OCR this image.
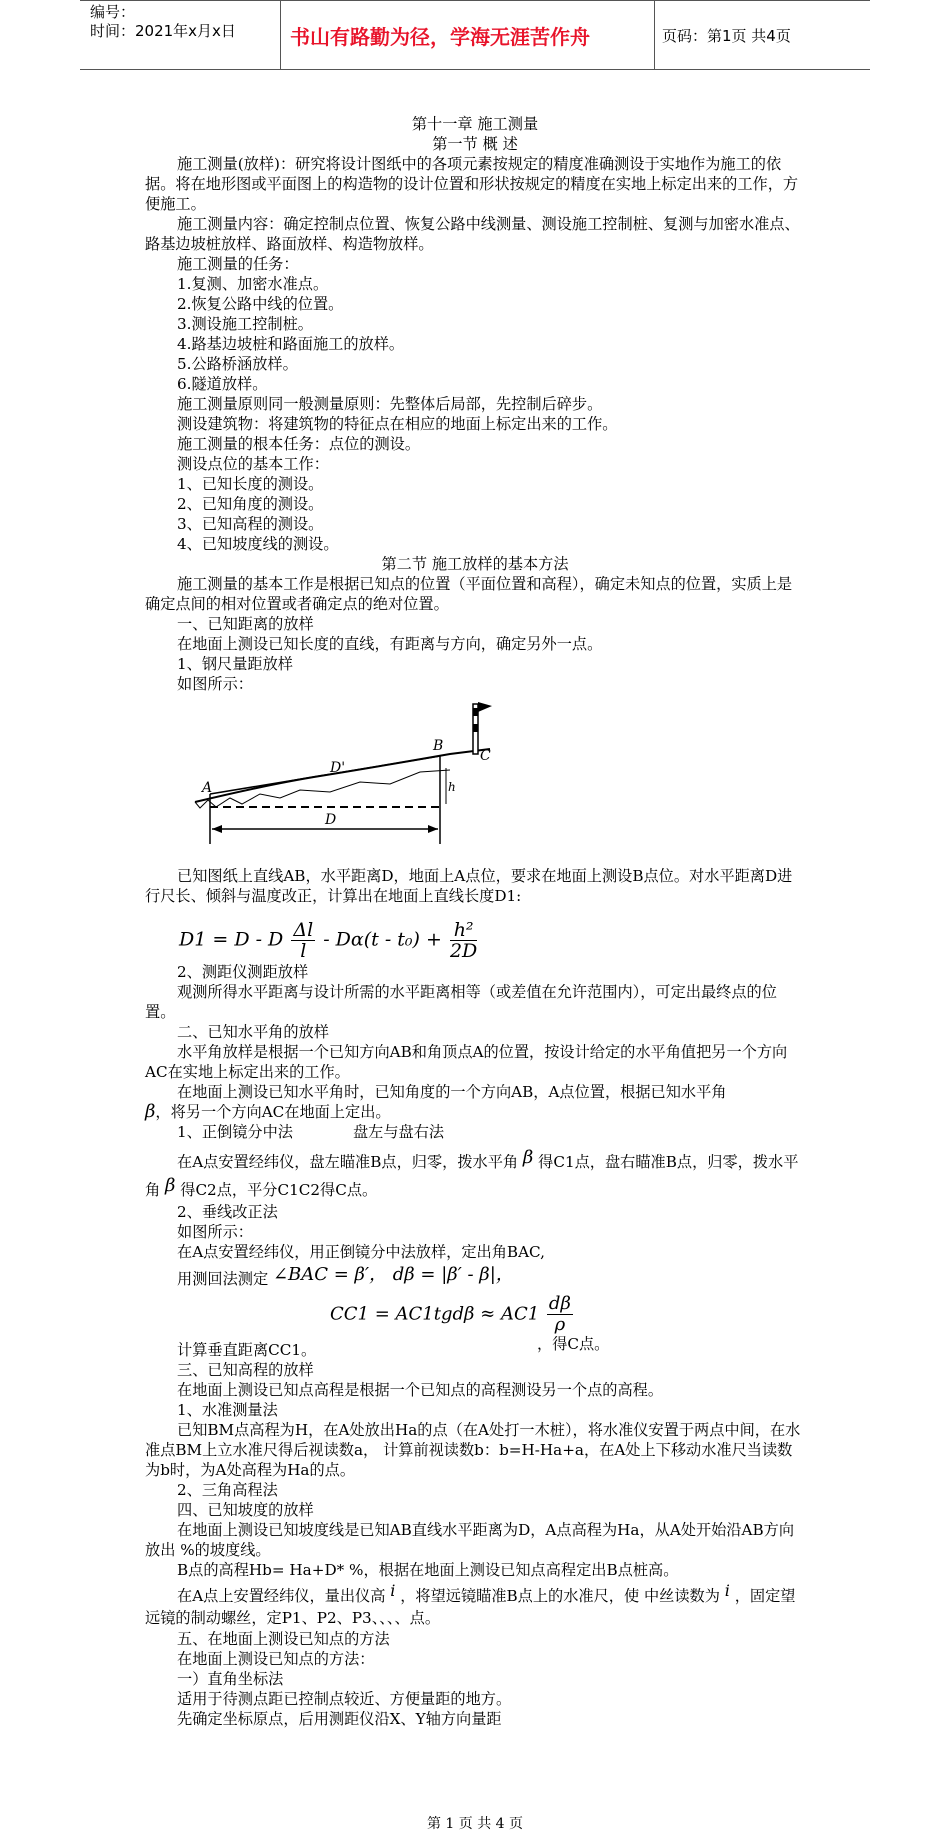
编号：
时间：2021年x月x日	书山有路勤为径，学海无涯苦作舟	页码：第1页 共4页

第十一章 施工测量

第一节 概 述

施工测量(放样)：研究将设计图纸中的各项元素按规定的精度准确测设于实地作为施工的依据。将在地形图或平面图上的构造物的设计位置和形状按规定的精度在实地上标定出来的工作，方便施工。

施工测量内容：确定控制点位置、恢复公路中线测量、测设施工控制桩、复测与加密水准点、路基边坡桩放样、路面放样、构造物放样。

施工测量的任务：

1.复测、加密水准点。

2.恢复公路中线的位置。

3.测设施工控制桩。

4.路基边坡桩和路面施工的放样。

5.公路桥涵放样。

6.隧道放样。

施工测量原则同一般测量原则：先整体后局部，先控制后碎步。

测设建筑物：将建筑物的特征点在相应的地面上标定出来的工作。

施工测量的根本任务：点位的测设。

测设点位的基本工作：

1、已知长度的测设。

2、已知角度的测设。

3、已知高程的测设。

4、已知坡度线的测设。

第二节 施工放样的基本方法

施工测量的基本工作是根据已知点的位置（平面位置和高程），确定未知点的位置，实质上是确定点间的相对位置或者确定点的绝对位置。

一、已知距离的放样

在地面上测设已知长度的直线，有距离与方向，确定另外一点。

1、钢尺量距放样

如图所示：

A
B
C
D'
D
h

已知图纸上直线AB，水平距离D，地面上A点位，要求在地面上测设B点位。对水平距离D进行尺长、倾斜与温度改正，计算出在地面上直线长度D1:

D1 = D - D $\frac{\Delta l}{l} - D\alpha(t - t_0) + \frac{\text{h²}}{2D}$

2、测距仪测距放样

观测所得水平距离与设计所需的水平距离相等（或差值在允许范围内），可定出最终点的位置。

二、已知水平角的放样

水平角放样是根据一个已知方向AB和角顶点A的位置，按设计给定的水平角值把另一个方向AC在实地上标定出来的工作。

在地面上测设已知水平角时，已知角度的一个方向AB，A点位置，根据已知水平角
β，将另一个方向AC在地面上定出。

1、正倒镜分中法	盘左与盘右法

在A点安置经纬仪，盘左瞄准B点，归零，拨水平角 β 得C1点，盘右瞄准B点，归零，拨水平角 β 得C2点，平分C1C2得C点。

2、垂线改正法

如图所示：

在A点安置经纬仪，用正倒镜分中法放样，定出角BAC,

用测回法测定 ∠BAC = β′， dβ = |β′ - β|，

$CC1 = AC1tgd\beta \approx AC1 \frac{d\beta}{\rho}$

计算垂直距离CC1。	，得C点。

三、已知高程的放样

在地面上测设已知点高程是根据一个已知点的高程测设另一个点的高程。

1、水准测量法

已知BM点高程为H，在A处放出Ha的点（在A处打一木桩），将水准仪安置于两点中间，在水准点BM上立水准尺得后视读数a， 计算前视读数b：b=H-Ha+a，在A处上下移动水准尺当读数为b时，为A处高程为Ha的点。

2、三角高程法

四、已知坡度的放样

在地面上测设已知坡度线是已知AB直线水平距离为D，A点高程为Ha，从A处开始沿AB方向放出 %的坡度线。

B点的高程Hb= Ha+D* %，根据在地面上测设已知点高程定出B点桩高。

在A点上安置经纬仪，量出仪高 i ，将望远镜瞄准B点上的水准尺，使 中丝读数为 i ，固定望远镜的制动螺丝，定P1、P2、P3、、、、点。

五、在地面上测设已知点的方法

在地面上测设已知点的方法：

一）直角坐标法

适用于待测点距已控制点较近、方便量距的地方。

先确定坐标原点，后用测距仪沿X、Y轴方向量距

第 1 页 共 4 页
